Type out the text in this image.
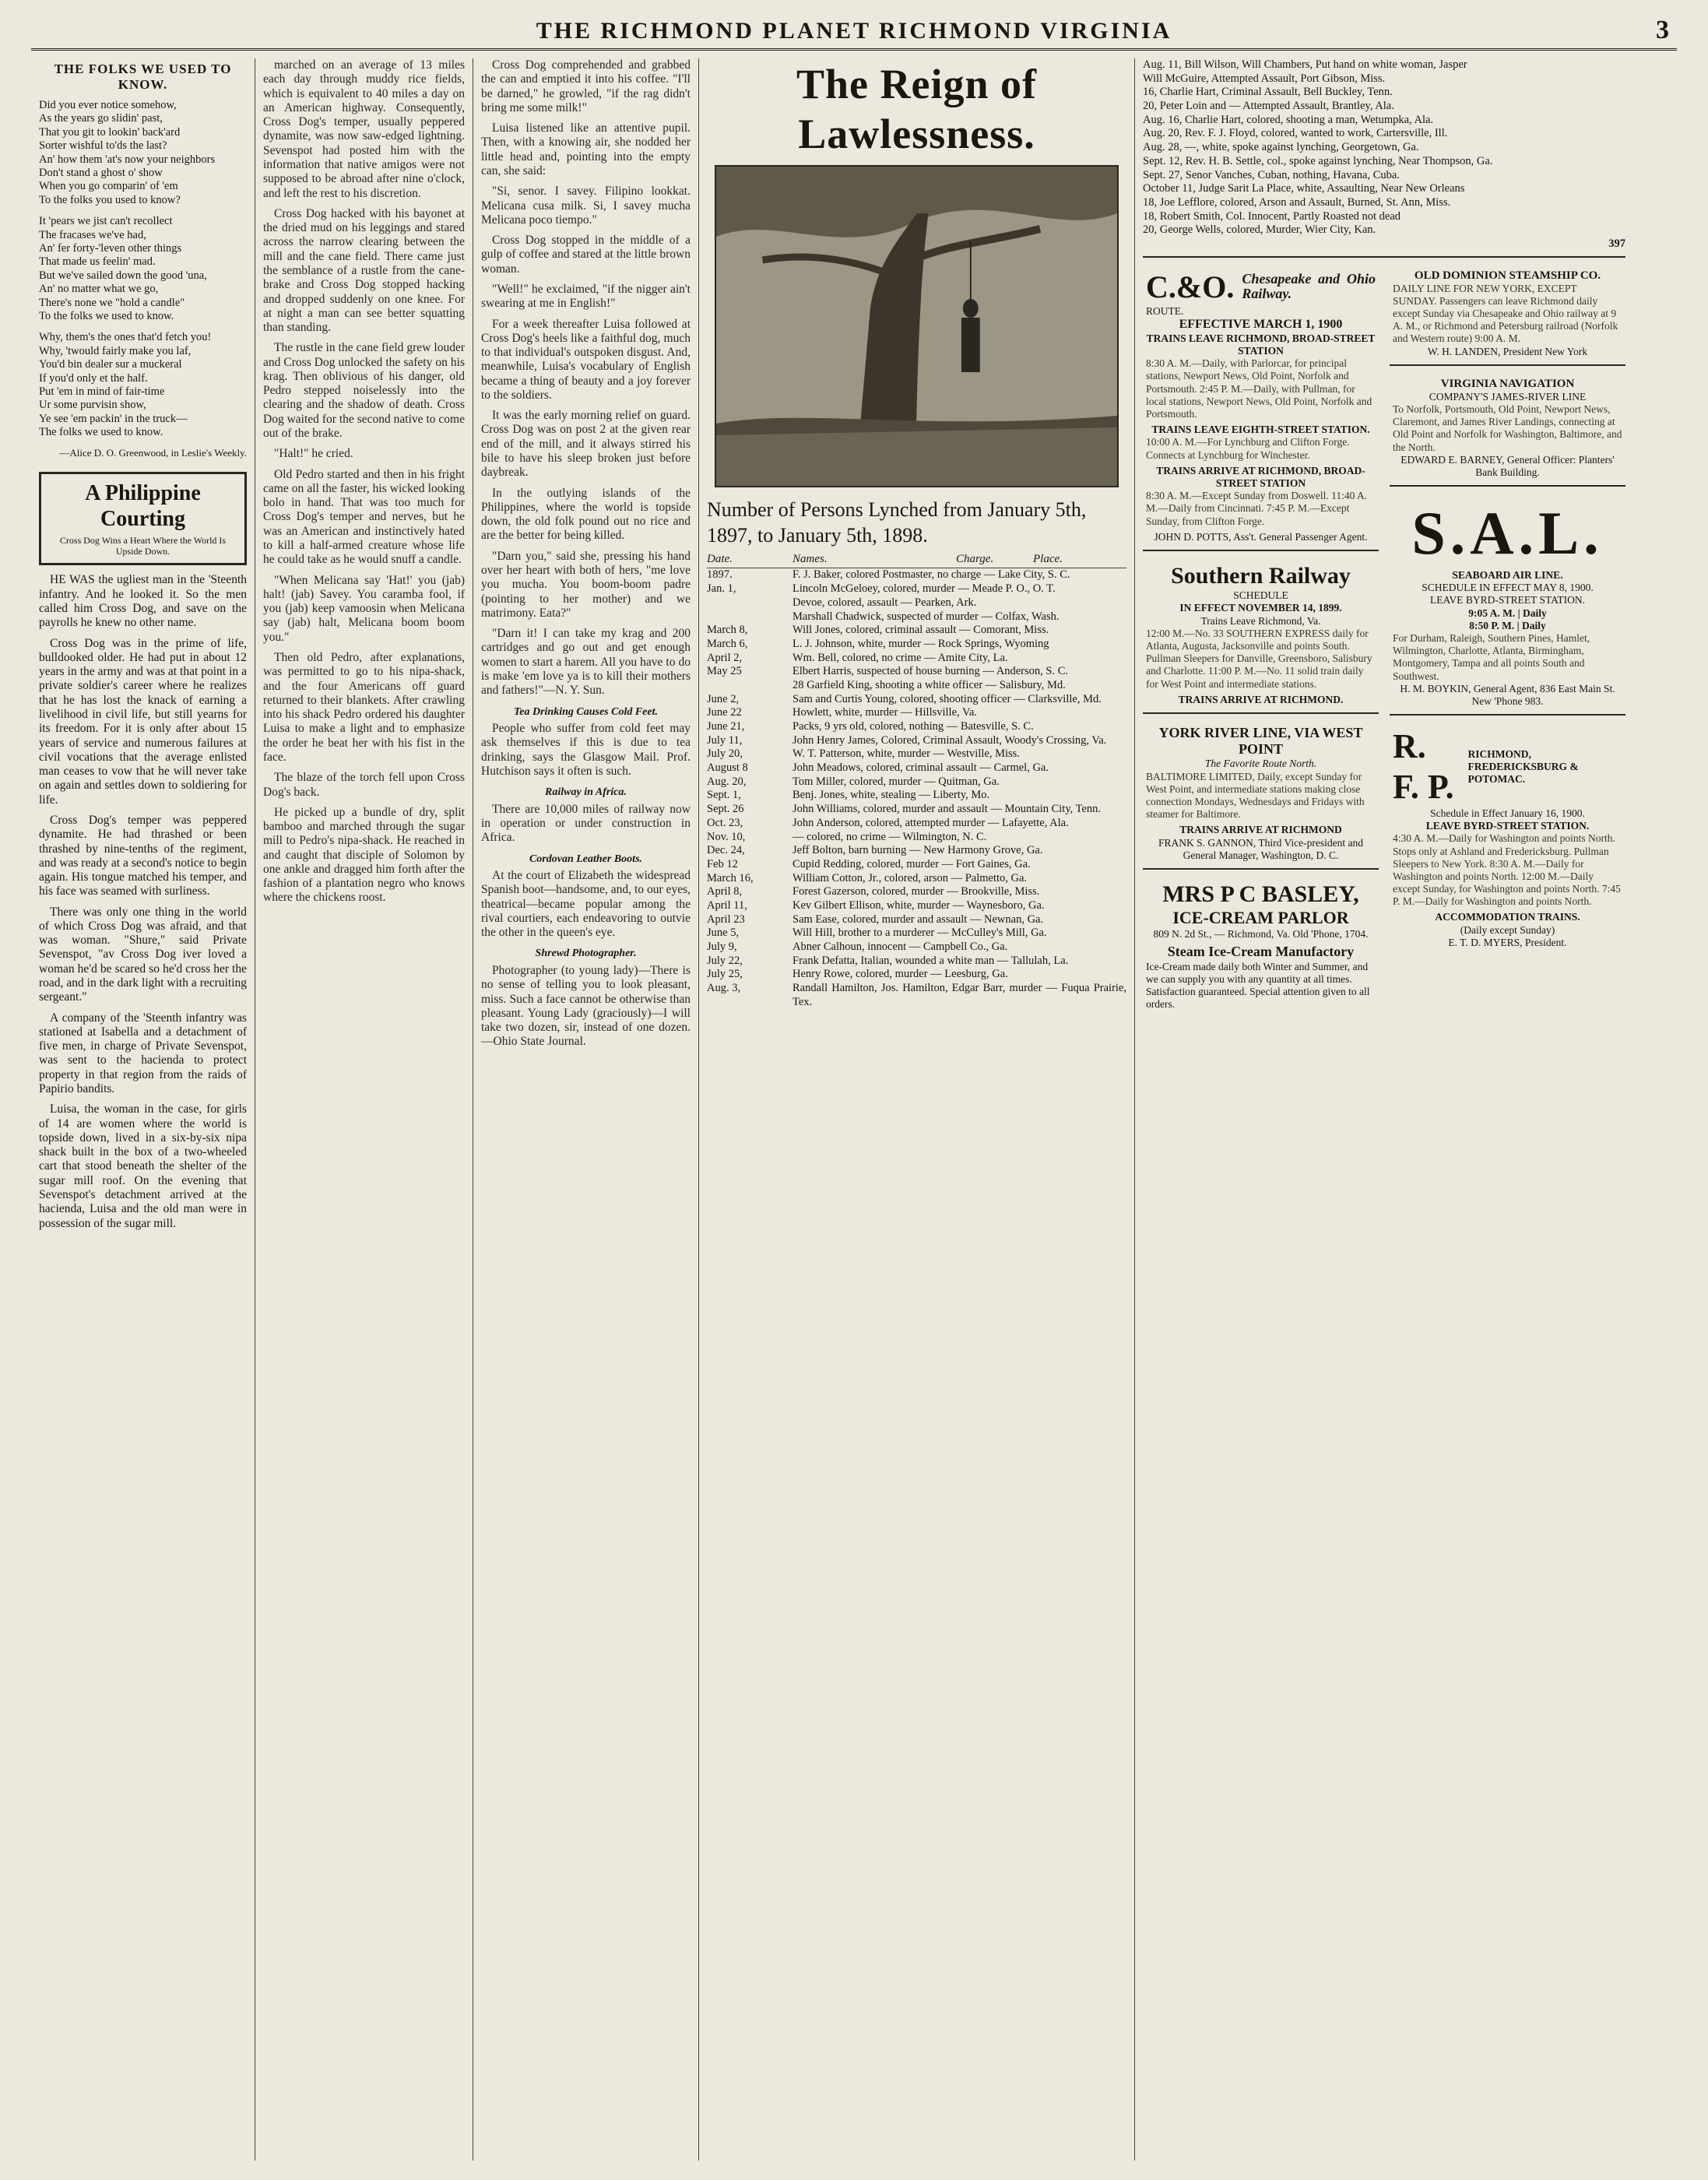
THE RICHMOND PLANET RICHMOND VIRGINIA	3
THE FOLKS WE USED TO KNOW.
Did you ever notice somehow,
As the years go slidin' past,
That you git to lookin' back'ard
Sorter wishful to'ds the last?
An' how them 'at's now your neighbors
Don't stand a ghost o' show
When you go comparin' of 'em
To the folks you used to know?
It 'pears we jist can't recollect
The fracases we've had,
An' fer forty-'leven other things
That made us feelin' mad.
But we've sailed down the good 'una,
An' no matter what we go,
There's none we "hold a candle"
To the folks we used to know.
Why, them's the ones that'd fetch you!
Why, 'twould fairly make you laf,
You'd bin dealer sur a muckeral
If you'd only et the half.
Put 'em in mind of fair-time
Ur some purvisin show,
Ye see 'em packin' in the truck—
The folks we used to know.
—Alice D. O. Greenwood, in Leslie's Weekly.
A Philippine Courting
Cross Dog Wins a Heart Where the World Is Upside Down.

HE WAS the ugliest man in the 'Steenth infantry. And he looked it. So the men called him Cross Dog, and save on the payrolls he knew no other name.

Cross Dog was in the prime of life, bulldooked older. He had put in about 12 years in the army and was at that point in a private soldier's career where he realizes that he has lost the knack of earning a livelihood in civil life, but still yearns for its freedom. For it is only after about 15 years of service and numerous failures at civil vocations that the average enlisted man ceases to vow that he will never take on again and settles down to soldiering for life.

Cross Dog's temper was peppered dynamite. He had thrashed or been thrashed by nine-tenths of the regiment, and was ready at a second's notice to begin again. His tongue matched his temper, and his face was seamed with surliness.

There was only one thing in the world of which Cross Dog was afraid, and that was woman. "Shure," said Private Sevenspot, "av Cross Dog iver loved a woman he'd be scared so he'd cross her the road, and in the dark light with a recruiting sergeant."

A company of the 'Steenth infantry was stationed at Isabella and a detachment of five men, in charge of Private Sevenspot, was sent to the hacienda to protect property in that region from the raids of Papirio bandits.

Luisa, the woman in the case, for girls of 14 are women where the world is topside down, lived in a six-by-six nipa shack built in the box of a two-wheeled cart that stood beneath the shelter of the sugar mill roof. On the evening that Sevenspot's detachment arrived at the hacienda, Luisa and the old man were in possession of the sugar mill.

marched on an average of 13 miles each day through muddy rice fields, which is equivalent to 40 miles a day on an American highway. Consequently, Cross Dog's temper, usually peppered dynamite, was now saw-edged lightning. Sevenspot had posted him with the information that native amigos were not supposed to be abroad after nine o'clock, and left the rest to his discretion.

Cross Dog hacked with his bayonet at the dried mud on his leggings and stared across the narrow clearing between the mill and the cane field. There came just the semblance of a rustle from the cane-brake and Cross Dog stopped hacking and dropped suddenly on one knee. For at night a man can see better squatting than standing.

The rustle in the cane field grew louder and Cross Dog unlocked the safety on his krag. Then oblivious of his danger, old Pedro stepped noiselessly into the clearing and the shadow of death. Cross Dog waited for the second native to come out of the brake.

"Halt!" he cried.

Old Pedro started and then in his fright came on all the faster, his wicked looking bolo in hand. That was too much for Cross Dog's temper and nerves, but he was an American and instinctively hated to kill a half-armed creature whose life he could take as he would snuff a candle.

"When Melicana say 'Hat!' you (jab) halt! (jab) Savey. You caramba fool, if you (jab) keep vamoosin when Melicana say (jab) halt, Melicana boom boom you."

Then old Pedro, after explanations, was permitted to go to his nipa-shack, and the four Americans off guard returned to their blankets. After crawling into his shack Pedro ordered his daughter Luisa to make a light and to emphasize the order he beat her with his fist in the face.

The blaze of the torch fell upon Cross Dog's back.

He picked up a bundle of dry, split bamboo and marched through the sugar mill to Pedro's nipa-shack. He reached in and caught that disciple of Solomon by one ankle and dragged him forth after the fashion of a plantation negro who knows where the chickens roost.

Cross Dog comprehended and grabbed the can and emptied it into his coffee. "I'll be darned," he growled, "if the rag didn't bring me some milk!"

Luisa listened like an attentive pupil. Then, with a knowing air, she nodded her little head and, pointing into the empty can, she said:

"Si, senor. I savey. Filipino lookkat. Melicana cusa milk. Si, I savey mucha Melicana poco tiempo."

Cross Dog stopped in the middle of a gulp of coffee and stared at the little brown woman.

"Well!" he exclaimed, "if the nigger ain't swearing at me in English!"

For a week thereafter Luisa followed at Cross Dog's heels like a faithful dog, much to that individual's outspoken disgust. And, meanwhile, Luisa's vocabulary of English became a thing of beauty and a joy forever to the soldiers.

It was the early morning relief on guard. Cross Dog was on post 2 at the given rear end of the mill, and it always stirred his bile to have his sleep broken just before daybreak.

In the outlying islands of the Philippines, where the world is topside down, the old folk pound out no rice and are the better for being killed.

"Darn you," said she, pressing his hand over her heart with both of hers, "me love you mucha. You boom-boom padre (pointing to her mother) and we matrimony. Eata?"

"Darn it! I can take my krag and 200 cartridges and go out and get enough women to start a harem. All you have to do is make 'em love ya is to kill their mothers and fathers!"—N. Y. Sun.

Tea Drinking Causes Cold Feet.

People who suffer from cold feet may ask themselves if this is due to tea drinking, says the Glasgow Mail. Prof. Hutchison says it often is such.

Railway in Africa.

There are 10,000 miles of railway now in operation or under construction in Africa.

Cordovan Leather Boots.

At the court of Elizabeth the widespread Spanish boot—handsome, and, to our eyes, theatrical—became popular among the rival courtiers, each endeavoring to outvie the other in the queen's eye.

Shrewd Photographer.

Photographer (to young lady)—There is no sense of telling you to look pleasant, miss. Such a face cannot be otherwise than pleasant. Young Lady (graciously)—I will take two dozen, sir, instead of one dozen.—Ohio State Journal.

The Reign of Lawlessness.
Number of Persons Lynched from January 5th,
1897, to January 5th, 1898.
Date.	Names.	Charge.	Place.
1897.	F. J. Baker, colored Postmaster, no charge — Lake City, S. C.
Jan. 1,	Lincoln McGeloey, colored, murder — Meade P. O., O. T.
Devoe, colored, assault — Pearken, Ark.
Marshall Chadwick, suspected of murder — Colfax, Wash.
March 8,	Will Jones, colored, criminal assault — Comorant, Miss.
March 6,	L. J. Johnson, white, murder — Rock Springs, Wyoming
April 2,	Wm. Bell, colored, no crime — Amite City, La.
May 25	Elbert Harris, suspected of house burning — Anderson, S. C.
28 Garfield King, shooting a white officer — Salisbury, Md.
June 2,	Sam and Curtis Young, colored, shooting officer — Clarksville, Md.
June 22	Howlett, white, murder — Hillsville, Va.
June 21,	Packs, 9 yrs old, colored, nothing — Batesville, S. C.
July 11,	John Henry James, Colored, Criminal Assault, Woody's Crossing, Va.
July 20,	W. T. Patterson, white, murder — Westville, Miss.
August 8	John Meadows, colored, criminal assault — Carmel, Ga.
Aug. 20,	Tom Miller, colored, murder — Quitman, Ga.
Sept. 1,	Benj. Jones, white, stealing — Liberty, Mo.
Sept. 26	John Williams, colored, murder and assault — Mountain City, Tenn.
Oct. 23,	John Anderson, colored, attempted murder — Lafayette, Ala.
Nov. 10,	— colored, no crime — Wilmington, N. C.
Dec. 24,	Jeff Bolton, barn burning — New Harmony Grove, Ga.
Feb 12	Cupid Redding, colored, murder — Fort Gaines, Ga.
March 16,	William Cotton, Jr., colored, arson — Palmetto, Ga.
April 8,	Forest Gazerson, colored, murder — Brookville, Miss.
April 11,	Kev Gilbert Ellison, white, murder — Waynesboro, Ga.
April 23	Sam Ease, colored, murder and assault — Newnan, Ga.
June 5,	Will Hill, brother to a murderer — McCulley's Mill, Ga.
July 9,	Abner Calhoun, innocent — Campbell Co., Ga.
July 22,	Frank Defatta, Italian, wounded a white man — Tallulah, La.
July 25,	Henry Rowe, colored, murder — Leesburg, Ga.
Aug. 3,	Randall Hamilton, Jos. Hamilton, Edgar Barr, murder — Fuqua Prairie, Tex.
Aug. 11, Bill Wilson, Will Chambers, Put hand on white woman, Jasper
Will McGuire, Attempted Assault, Port Gibson, Miss.
16, Charlie Hart, Criminal Assault, Bell Buckley, Tenn.
20, Peter Loin and — Attempted Assault, Brantley, Ala.
Aug. 16, Charlie Hart, colored, shooting a man, Wetumpka, Ala.
Aug. 20, Rev. F. J. Floyd, colored, wanted to work, Cartersville, Ill.
Aug. 28, —, white, spoke against lynching, Georgetown, Ga.
Sept. 12, Rev. H. B. Settle, col., spoke against lynching, Near Thompson, Ga.
Sept. 27, Senor Vanches, Cuban, nothing, Havana, Cuba.
October 11, Judge Sarit La Place, white, Assaulting, Near New Orleans
18, Joe Lefflore, colored, Arson and Assault, Burned, St. Ann, Miss.
18, Robert Smith, Col. Innocent, Partly Roasted not dead
20, George Wells, colored, Murder, Wier City, Kan.
397
C.&O. Chesapeake and Ohio Railway.
ROUTE.
EFFECTIVE MARCH 1, 1900
TRAINS LEAVE RICHMOND, BROAD-STREET STATION
8:30 A. M.—Daily, with Parlorcar, for principal stations, Newport News, Old Point, Norfolk and Portsmouth. 2:45 P. M.—Daily, with Pullman, for local stations, Newport News, Old Point, Norfolk and Portsmouth.
TRAINS LEAVE EIGHTH-STREET STATION.
10:00 A. M.—For Lynchburg and Clifton Forge. Connects at Lynchburg for Winchester.
TRAINS ARRIVE AT RICHMOND, BROAD-STREET STATION
8:30 A. M.—Except Sunday from Doswell. 11:40 A. M.—Daily from Cincinnati. 7:45 P. M.—Except Sunday, from Clifton Forge.
JOHN D. POTTS, Ass't. General Passenger Agent.
Southern Railway
SCHEDULE
IN EFFECT NOVEMBER 14, 1899.
Trains Leave Richmond, Va.
12:00 M.—No. 33 SOUTHERN EXPRESS daily for Atlanta, Augusta, Jacksonville and points South. Pullman Sleepers for Danville, Greensboro, Salisbury and Charlotte. 11:00 P. M.—No. 11 solid train daily for West Point and intermediate stations.
TRAINS ARRIVE AT RICHMOND.
YORK RIVER LINE, VIA WEST POINT
The Favorite Route North.
BALTIMORE LIMITED, Daily, except Sunday for West Point, and intermediate stations making close connection Mondays, Wednesdays and Fridays with steamer for Baltimore.
TRAINS ARRIVE AT RICHMOND
FRANK S. GANNON, Third Vice-president and General Manager, Washington, D. C.
MRS P C BASLEY,
ICE-CREAM PARLOR
809 N. 2d St., — Richmond, Va. Old 'Phone, 1704.
Steam Ice-Cream Manufactory
Ice-Cream made daily both Winter and Summer, and we can supply you with any quantity at all times. Satisfaction guaranteed. Special attention given to all orders.
OLD DOMINION STEAMSHIP CO.
DAILY LINE FOR NEW YORK, EXCEPT SUNDAY. Passengers can leave Richmond daily except Sunday via Chesapeake and Ohio railway at 9 A. M., or Richmond and Petersburg railroad (Norfolk and Western route) 9:00 A. M.
W. H. LANDEN, President New York
VIRGINIA NAVIGATION
COMPANY'S JAMES-RIVER LINE
To Norfolk, Portsmouth, Old Point, Newport News, Claremont, and James River Landings, connecting at Old Point and Norfolk for Washington, Baltimore, and the North.
EDWARD E. BARNEY, General Officer: Planters' Bank Building.
S.A.L.
SEABOARD AIR LINE.
SCHEDULE IN EFFECT MAY 8, 1900.
LEAVE BYRD-STREET STATION.
9:05 A. M. | Daily
8:50 P. M. | Daily
For Durham, Raleigh, Southern Pines, Hamlet, Wilmington, Charlotte, Atlanta, Birmingham, Montgomery, Tampa and all points South and Southwest.
H. M. BOYKIN, General Agent, 836 East Main St.
New 'Phone 983.
R. F. P.
RICHMOND, FREDERICKSBURG & POTOMAC.
Schedule in Effect January 16, 1900.
LEAVE BYRD-STREET STATION.
4:30 A. M.—Daily for Washington and points North. Stops only at Ashland and Fredericksburg. Pullman Sleepers to New York. 8:30 A. M.—Daily for Washington and points North. 12:00 M.—Daily except Sunday, for Washington and points North. 7:45 P. M.—Daily for Washington and points North.
ACCOMMODATION TRAINS.
(Daily except Sunday)
E. T. D. MYERS, President.
